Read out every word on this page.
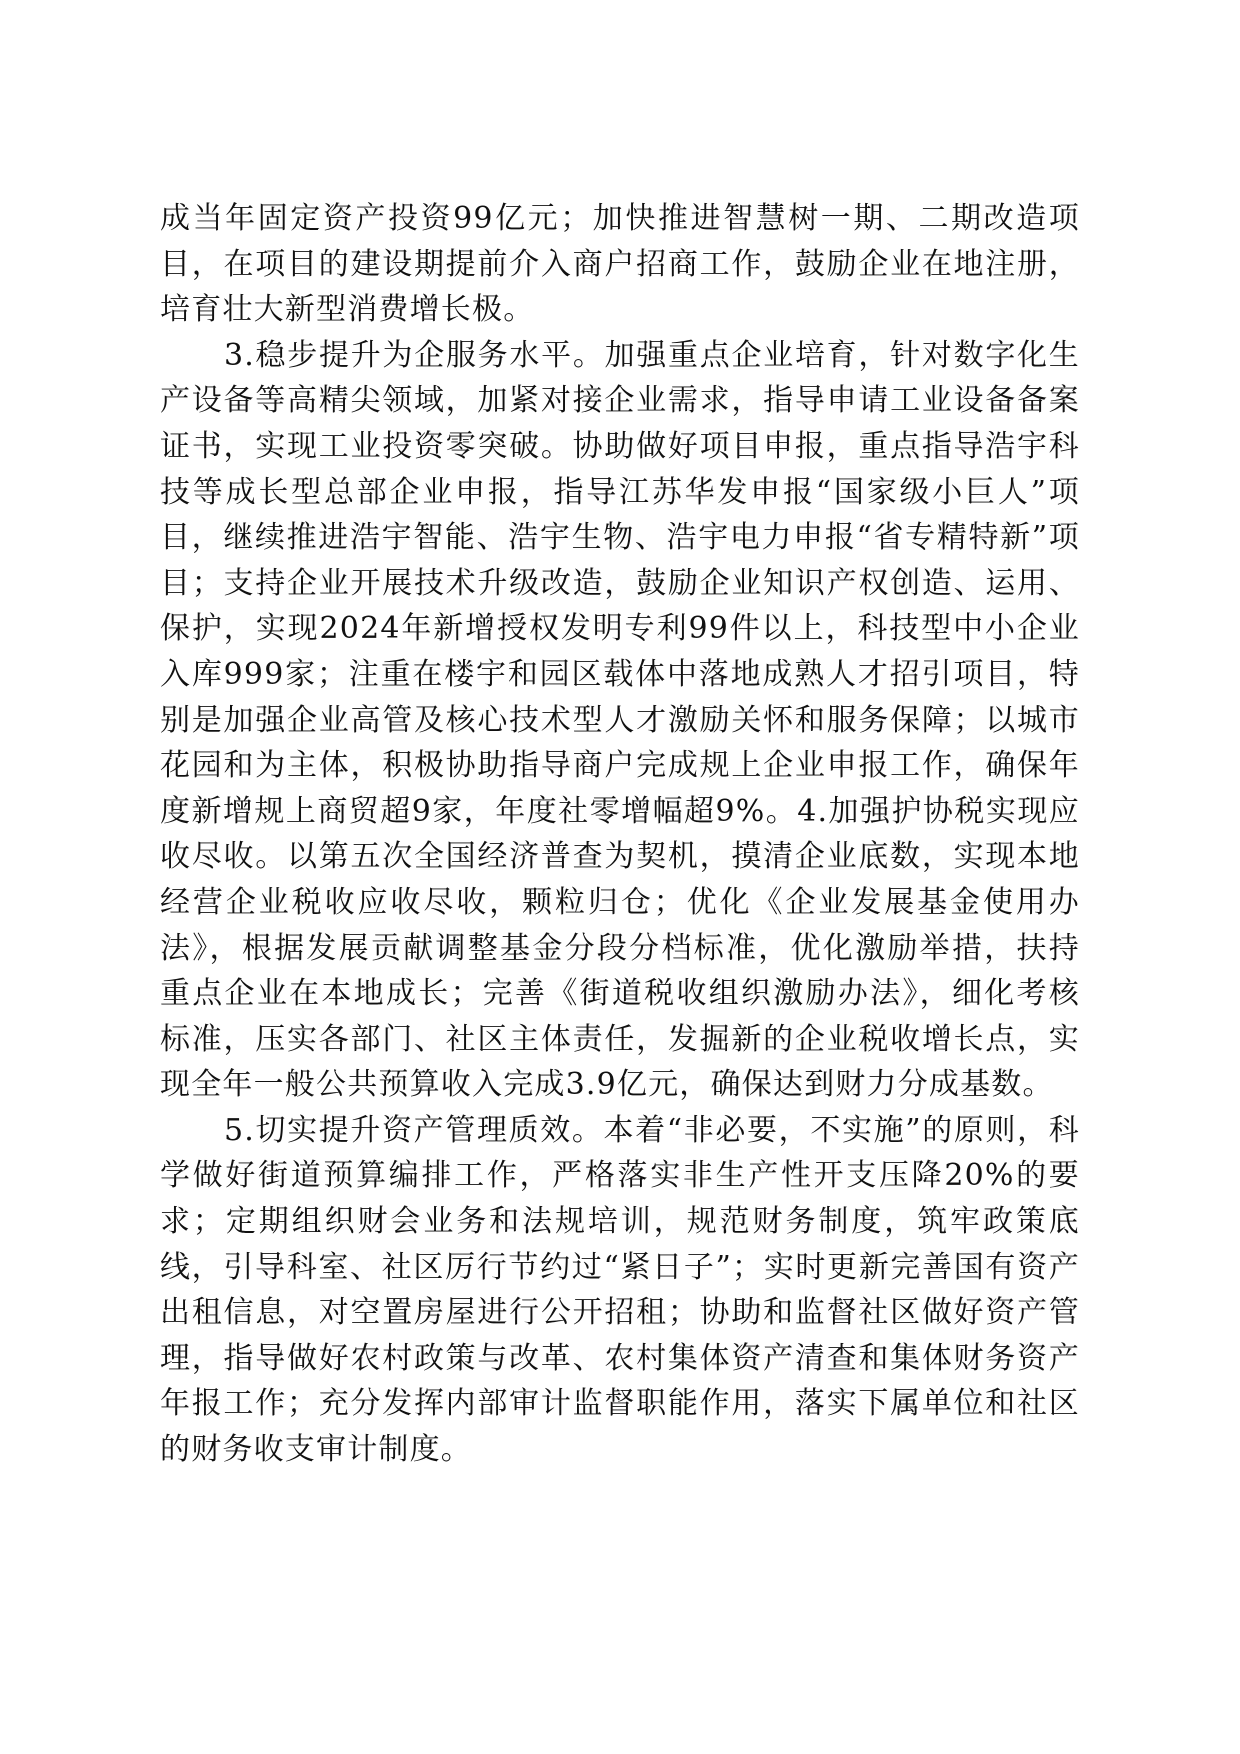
成当年固定资产投资99亿元；加快推进智慧树一期、二期改造项目，在项目的建设期提前介入商户招商工作，鼓励企业在地注册，培育壮大新型消费增长极。

3.稳步提升为企服务水平。加强重点企业培育，针对数字化生产设备等高精尖领域，加紧对接企业需求，指导申请工业设备备案证书，实现工业投资零突破。协助做好项目申报，重点指导浩宇科技等成长型总部企业申报，指导江苏华发申报“国家级小巨人”项目，继续推进浩宇智能、浩宇生物、浩宇电力申报“省专精特新”项目；支持企业开展技术升级改造，鼓励企业知识产权创造、运用、保护，实现2024年新增授权发明专利99件以上，科技型中小企业入库999家；注重在楼宇和园区载体中落地成熟人才招引项目，特别是加强企业高管及核心技术型人才激励关怀和服务保障；以城市花园和为主体，积极协助指导商户完成规上企业申报工作，确保年度新增规上商贸超9家，年度社零增幅超9%。4.加强护协税实现应收尽收。以第五次全国经济普查为契机，摸清企业底数，实现本地经营企业税收应收尽收，颗粒归仓；优化《企业发展基金使用办法》，根据发展贡献调整基金分段分档标准，优化激励举措，扶持重点企业在本地成长；完善《街道税收组织激励办法》，细化考核标准，压实各部门、社区主体责任，发掘新的企业税收增长点，实现全年一般公共预算收入完成3.9亿元，确保达到财力分成基数。

5.切实提升资产管理质效。本着“非必要，不实施”的原则，科学做好街道预算编排工作，严格落实非生产性开支压降20%的要求；定期组织财会业务和法规培训，规范财务制度，筑牢政策底线，引导科室、社区厉行节约过“紧日子”；实时更新完善国有资产出租信息，对空置房屋进行公开招租；协助和监督社区做好资产管理，指导做好农村政策与改革、农村集体资产清查和集体财务资产年报工作；充分发挥内部审计监督职能作用，落实下属单位和社区的财务收支审计制度。
